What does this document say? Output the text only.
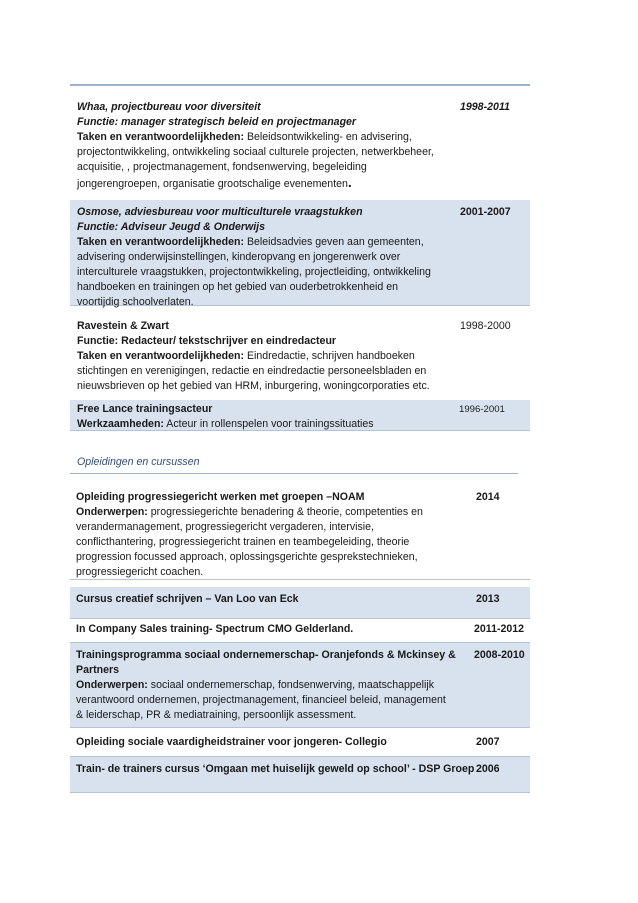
Whaa, projectbureau voor diversiteit
Functie: manager strategisch beleid en projectmanager
Taken en verantwoordelijkheden: Beleidsontwikkeling- en advisering,
projectontwikkeling, ontwikkeling sociaal culturele projecten, netwerkbeheer,
acquisitie, , projectmanagement, fondsenwerving, begeleiding
jongerengroepen, organisatie grootschalige evenementen.
1998-2011
Osmose, adviesbureau voor multiculturele vraagstukken
Functie: Adviseur Jeugd & Onderwijs
Taken en verantwoordelijkheden: Beleidsadvies geven aan gemeenten,
advisering onderwijsinstellingen, kinderopvang en jongerenwerk over
interculturele vraagstukken, projectontwikkeling, projectleiding, ontwikkeling
handboeken en trainingen op het gebied van ouderbetrokkenheid en
voortijdig schoolverlaten.
2001-2007
Ravestein & Zwart
Functie: Redacteur/ tekstschrijver en eindredacteur
Taken en verantwoordelijkheden: Eindredactie, schrijven handboeken
stichtingen en verenigingen, redactie en eindredactie personeelsbladen en
nieuwsbrieven op het gebied van HRM, inburgering, woningcorporaties etc.
1998-2000
Free Lance trainingsacteur
Werkzaamheden: Acteur in rollenspelen voor trainingssituaties
1996-2001
Opleidingen en cursussen
Opleiding progressiegericht werken met groepen –NOAM
Onderwerpen: progressiegerichte benadering & theorie, competenties en
verandermanagement, progressiegericht vergaderen, intervisie,
conflicthantering, progressiegericht trainen en teambegeleiding, theorie
progression focussed approach, oplossingsgerichte gesprekstechnieken,
progressiegericht coachen.
2014
Cursus creatief schrijven – Van Loo van Eck	2013
In Company Sales training- Spectrum CMO Gelderland.	2011-2012
Trainingsprogramma sociaal ondernemerschap- Oranjefonds & Mckinsey &
Partners
Onderwerpen: sociaal ondernemerschap, fondsenwerving, maatschappelijk
verantwoord ondernemen, projectmanagement, financieel beleid, management
& leiderschap, PR & mediatraining, persoonlijk assessment.
2008-2010
Opleiding sociale vaardigheidstrainer voor jongeren- Collegio	2007
Train- de trainers cursus ‘Omgaan met huiselijk geweld op school’ - DSP Groep 2006
